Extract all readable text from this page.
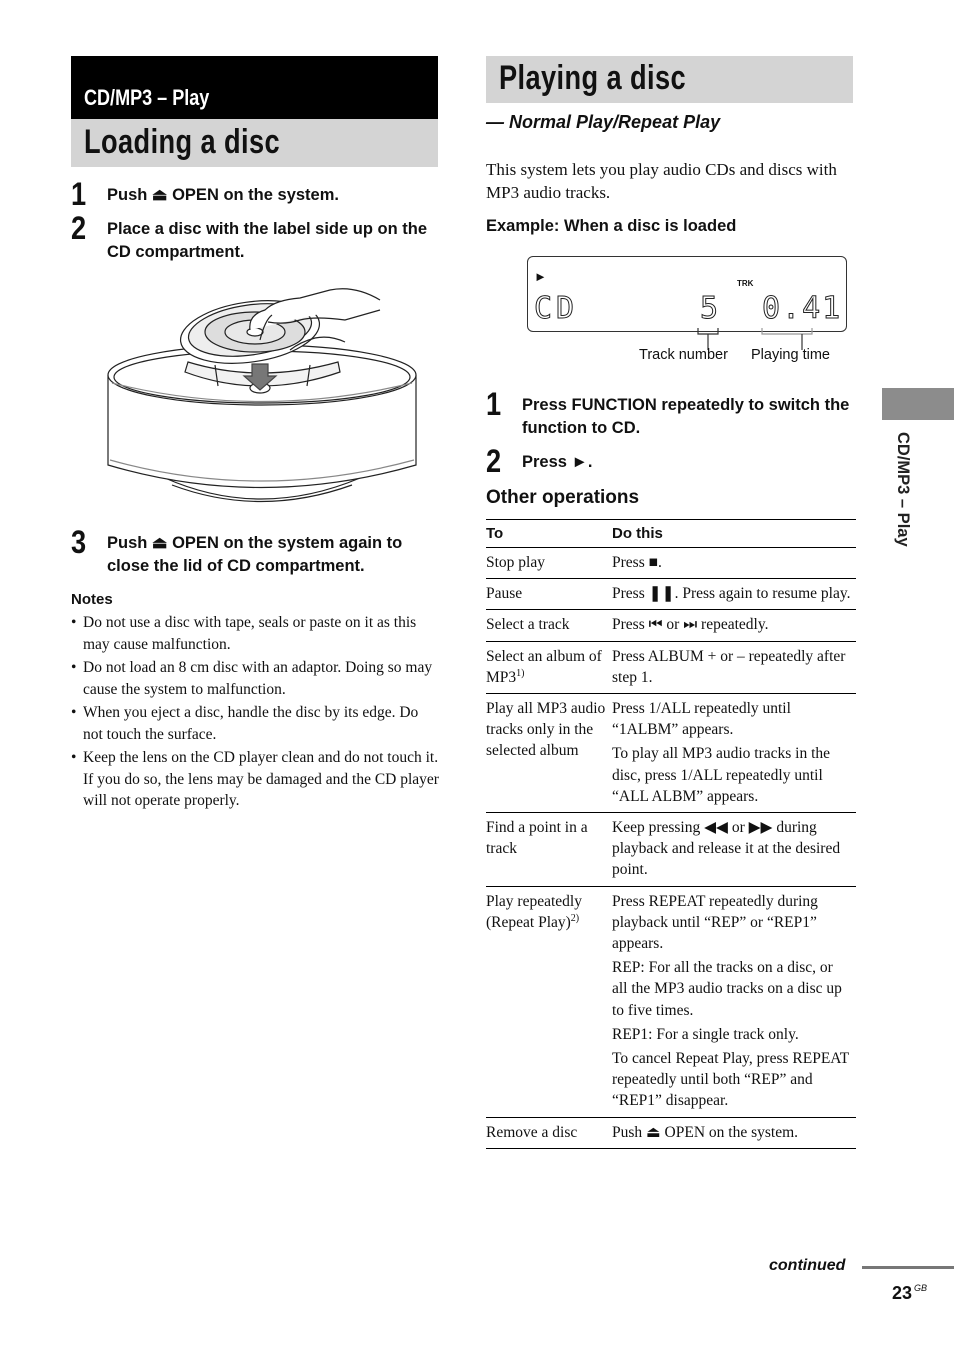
CD/MP3 – Play
Loading a disc
1 Push ⏏ OPEN on the system.
2 Place a disc with the label side up on the CD compartment.
3 Push ⏏ OPEN on the system again to close the lid of CD compartment.
Notes
• Do not use a disc with tape, seals or paste on it as this may cause malfunction.
• Do not load an 8 cm disc with an adaptor. Doing so may cause the system to malfunction.
• When you eject a disc, handle the disc by its edge. Do not touch the surface.
• Keep the lens on the CD player clean and do not touch it. If you do so, the lens may be damaged and the CD player will not operate properly.
Playing a disc
— Normal Play/Repeat Play
This system lets you play audio CDs and discs with MP3 audio tracks.
Example: When a disc is loaded
►	TRK
CD	5 0.41
Track number Playing time
1 Press FUNCTION repeatedly to switch the function to CD.
2 Press ►.
Other operations
To	Do this
Stop play	Press ■.

Pause	Press ❚❚. Press again to resume play.

Select a track	Press ⏮ or ⏭ repeatedly.

Select an album of MP3$^{1)}$	Press ALBUM + or – repeatedly after step 1.

Play all MP3 audio tracks only in the selected album	Press 1/ALL repeatedly until “1ALBM” appears.
To play all MP3 audio tracks in the disc, press 1/ALL repeatedly until “ALL ALBM” appears.

Find a point in a track	Keep pressing ◀◀ or ▶▶ during playback and release it at the desired point.

Play repeatedly (Repeat Play)$^{2)}$	Press REPEAT repeatedly during playback until “REP” or “REP1” appears.
REP: For all the tracks on a disc, or all the MP3 audio tracks on a disc up to five times.
REP1: For a single track only.
To cancel Repeat Play, press REPEAT repeatedly until both “REP” and “REP1” disappear.

Remove a disc	Push ⏏ OPEN on the system.
CD/MP3 – Play
continued
23 $^{GB}$
